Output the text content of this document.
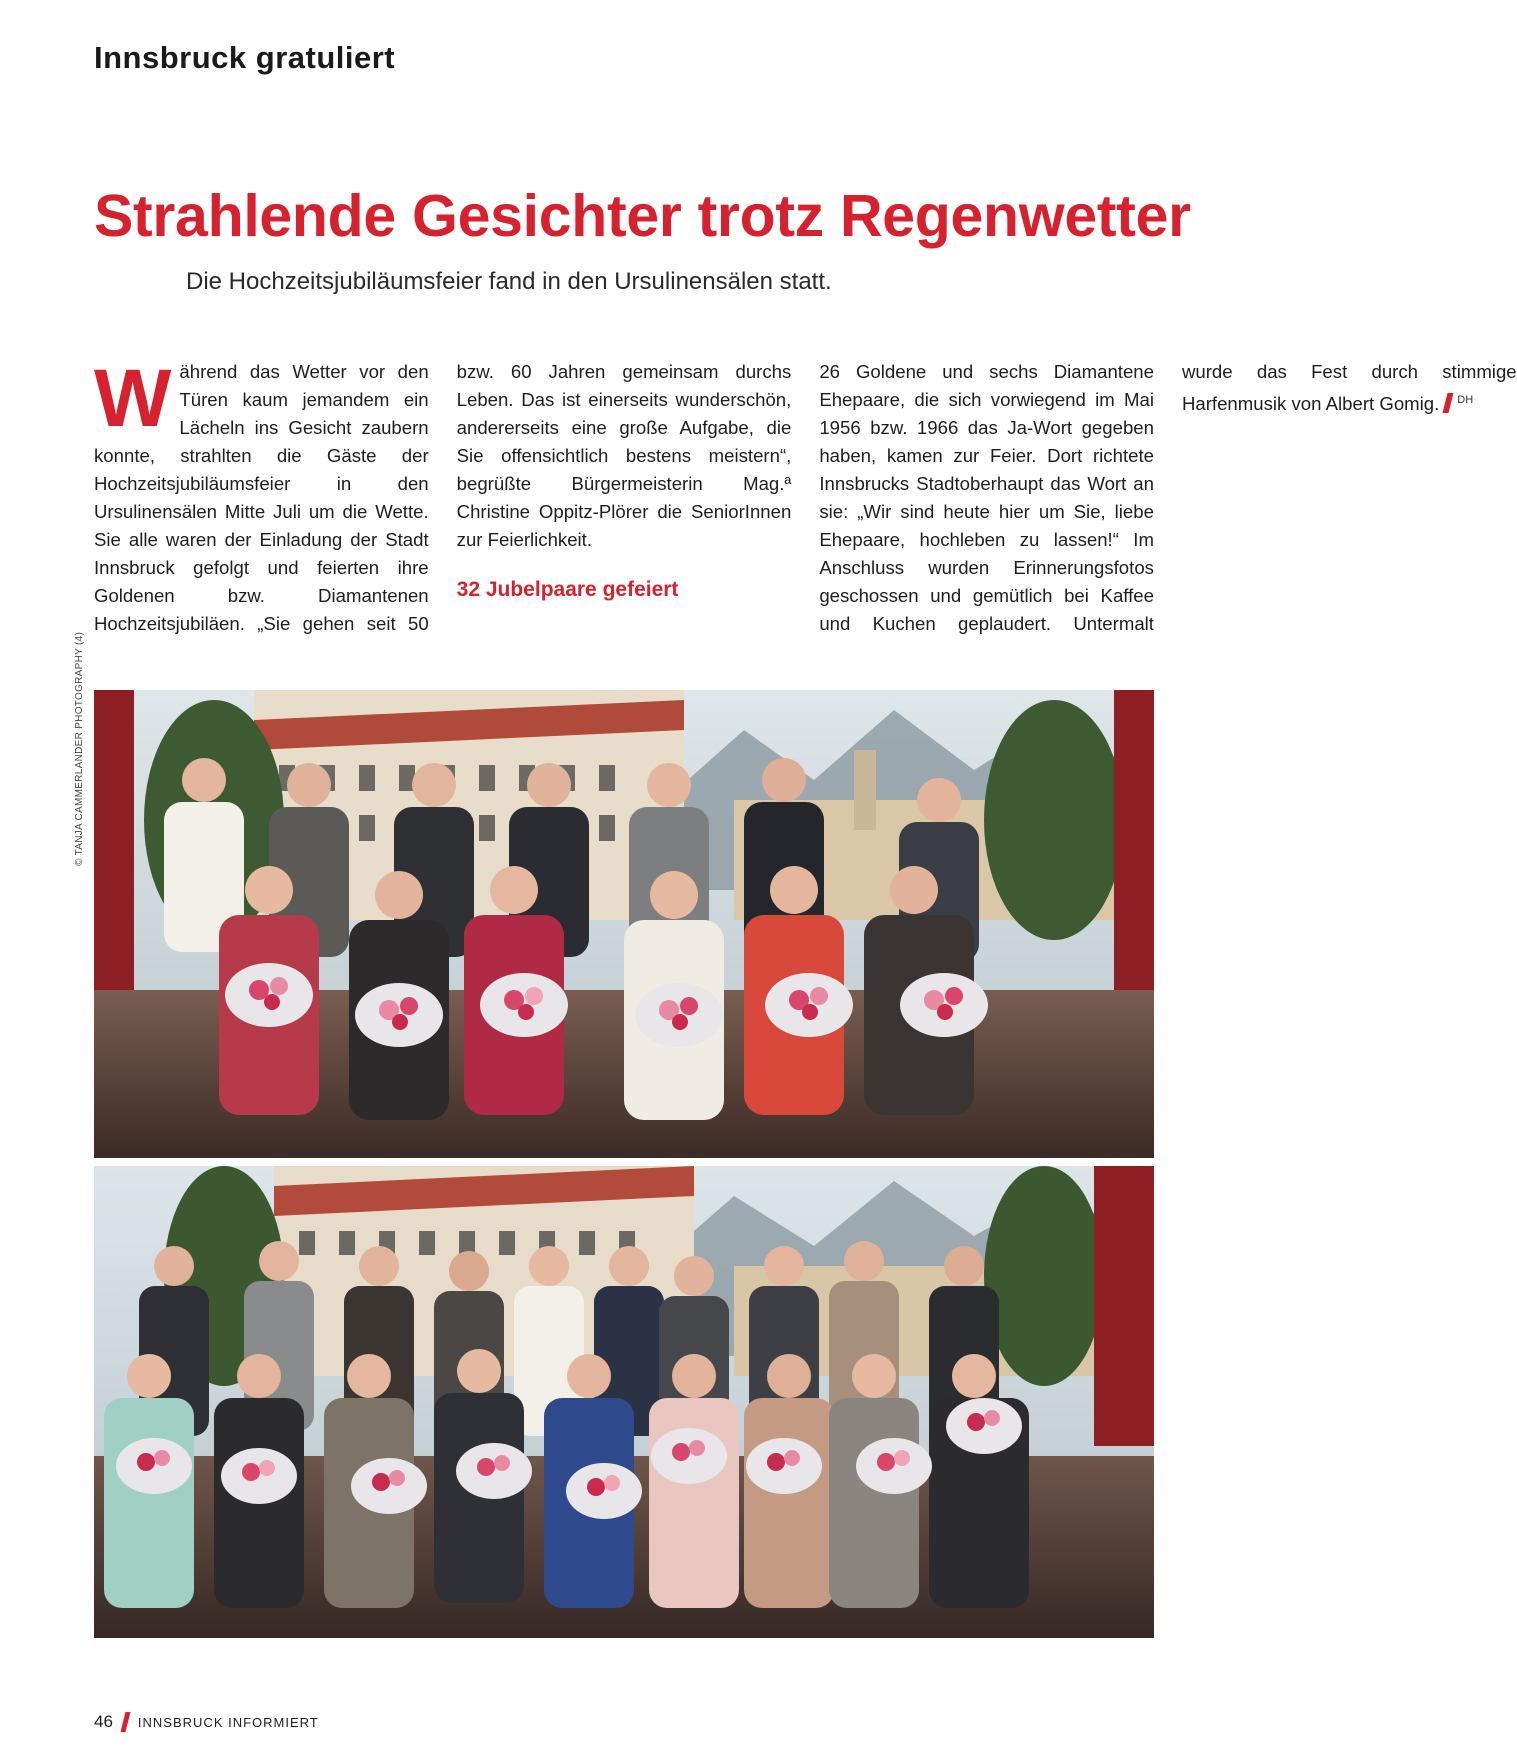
Innsbruck gratuliert
Strahlende Gesichter trotz Regenwetter
Die Hochzeitsjubiläumsfeier fand in den Ursulinensälen statt.

Während das Wetter vor den Türen kaum jemandem ein Lächeln ins Gesicht zaubern konnte, strahlten die Gäste der Hochzeitsjubiläumsfeier in den Ursulinensälen Mitte Juli um die Wette. Sie alle waren der Einladung der Stadt Innsbruck gefolgt und feierten ihre Goldenen bzw. Diamantenen Hochzeitsjubiläen. „Sie gehen seit 50 bzw. 60 Jahren gemeinsam durchs Leben. Das ist einerseits wunderschön, andererseits eine große Aufgabe, die Sie offensichtlich bestens meistern“, begrüßte Bürgermeisterin Mag.ª Christine Oppitz-Plörer die SeniorInnen zur Feierlichkeit.

32 Jubelpaare gefeiert

26 Goldene und sechs Diamantene Ehepaare, die sich vorwiegend im Mai 1956 bzw. 1966 das Ja-Wort gegeben haben, kamen zur Feier. Dort richtete Innsbrucks Stadtoberhaupt das Wort an sie: „Wir sind heute hier um Sie, liebe Ehepaare, hochleben zu lassen!“ Im Anschluss wurden Erinnerungsfotos geschossen und gemütlich bei Kaffee und Kuchen geplaudert. Untermalt wurde das Fest durch stimmige Harfenmusik von Albert Gomig. $^{DH}$

© TANJA CAMMERLANDER PHOTOGRAPHY (4)
46 INNSBRUCK INFORMIERT
